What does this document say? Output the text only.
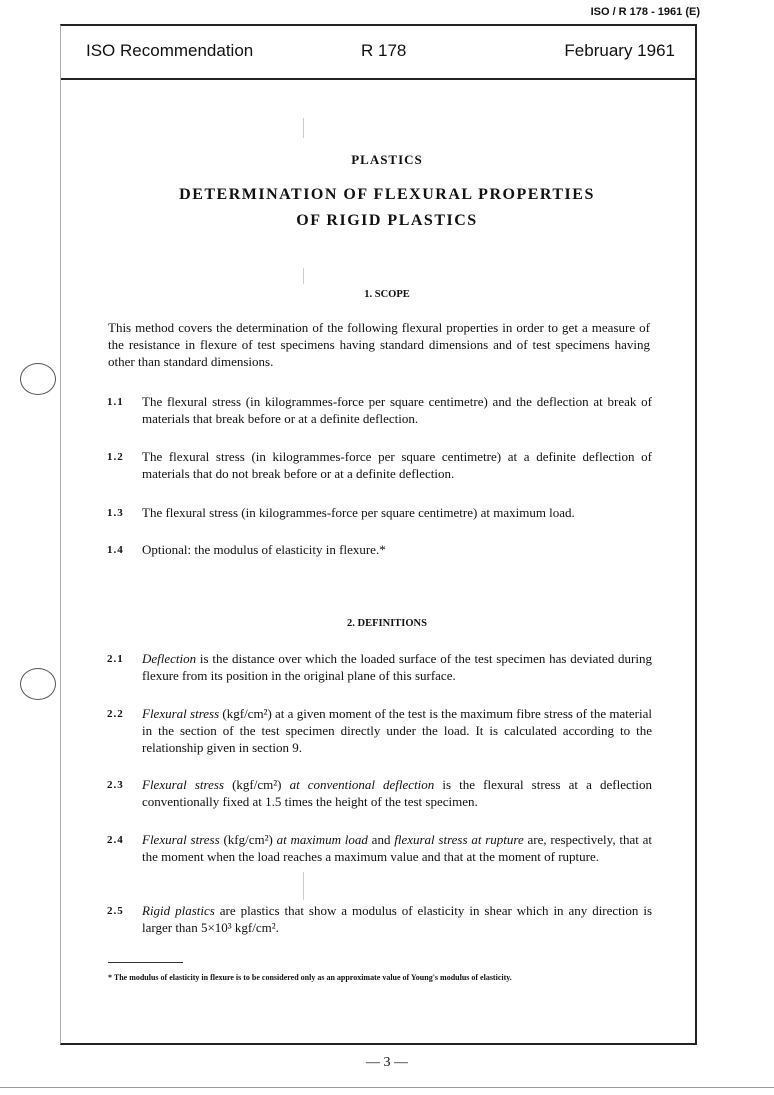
ISO / R 178 - 1961 (E)
ISO Recommendation	R 178	February 1961
PLASTICS
DETERMINATION OF FLEXURAL PROPERTIES
OF RIGID PLASTICS
1. SCOPE
This method covers the determination of the following flexural properties in order to get a measure of the resistance in flexure of test specimens having standard dimensions and of test specimens having other than standard dimensions.
1.1	The flexural stress (in kilogrammes-force per square centimetre) and the deflection at break of materials that break before or at a definite deflection.
1.2	The flexural stress (in kilogrammes-force per square centimetre) at a definite deflection of materials that do not break before or at a definite deflection.
1.3	The flexural stress (in kilogrammes-force per square centimetre) at maximum load.
1.4	Optional: the modulus of elasticity in flexure.*
2. DEFINITIONS
2.1	Deflection is the distance over which the loaded surface of the test specimen has deviated during flexure from its position in the original plane of this surface.
2.2	Flexural stress (kgf/cm²) at a given moment of the test is the maximum fibre stress of the material in the section of the test specimen directly under the load. It is calculated according to the relationship given in section 9.
2.3	Flexural stress (kgf/cm²) at conventional deflection is the flexural stress at a deflection conventionally fixed at 1.5 times the height of the test specimen.
2.4	Flexural stress (kfg/cm²) at maximum load and flexural stress at rupture are, respectively, that at the moment when the load reaches a maximum value and that at the moment of rupture.
2.5	Rigid plastics are plastics that show a modulus of elasticity in shear which in any direction is larger than 5×10³ kgf/cm².
* The modulus of elasticity in flexure is to be considered only as an approximate value of Young's modulus of elasticity.
— 3 —
